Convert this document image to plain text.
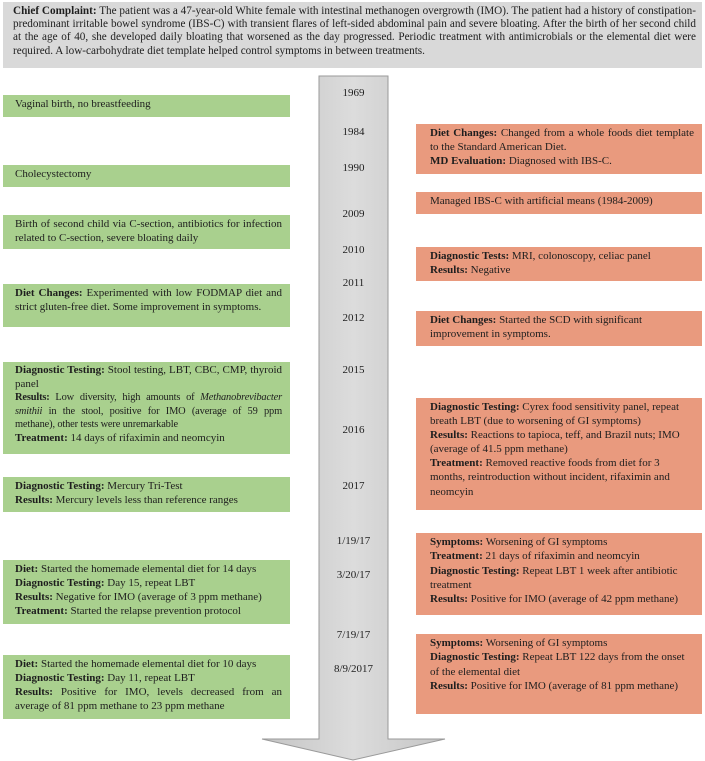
Chief Complaint: The patient was a 47-year-old White female with intestinal methanogen overgrowth (IMO). The patient had a history of constipation-predominant irritable bowel syndrome (IBS-C) with transient flares of left-sided abdominal pain and severe bloating. After the birth of her second child at the age of 40, she developed daily bloating that worsened as the day progressed. Periodic treatment with antimicrobials or the elemental diet were required. A low-carbohydrate diet template helped control symptoms in between treatments.
1969
1984
1990
2009
2010
2011
2012
2015
2016
2017
1/19/17
3/20/17
7/19/17
8/9/2017
Vaginal birth, no breastfeeding
Cholecystectomy
Birth of second child via C-section, antibiotics for infection related to C-section, severe bloating daily
Diet Changes: Experimented with low FODMAP diet and strict gluten-free diet. Some improvement in symptoms.
Diagnostic Testing: Stool testing, LBT, CBC, CMP, thyroid panel
Results: Low diversity, high amounts of Methanobrevibacter smithii in the stool, positive for IMO (average of 59 ppm methane), other tests were unremarkable
Treatment: 14 days of rifaximin and neomcyin
Diagnostic Testing: Mercury Tri-Test
Results: Mercury levels less than reference ranges
Diet: Started the homemade elemental diet for 14 days
Diagnostic Testing: Day 15, repeat LBT
Results: Negative for IMO (average of 3 ppm methane)
Treatment: Started the relapse prevention protocol
Diet: Started the homemade elemental diet for 10 days
Diagnostic Testing: Day 11, repeat LBT
Results: Positive for IMO, levels decreased from an average of 81 ppm methane to 23 ppm methane
Diet Changes: Changed from a whole foods diet template to the Standard American Diet.
MD Evaluation: Diagnosed with IBS-C.
Managed IBS-C with artificial means (1984-2009)
Diagnostic Tests: MRI, colonoscopy, celiac panel
Results: Negative
Diet Changes: Started the SCD with significant improvement in symptoms.
Diagnostic Testing: Cyrex food sensitivity panel, repeat breath LBT (due to worsening of GI symptoms)
Results: Reactions to tapioca, teff, and Brazil nuts; IMO (average of 41.5 ppm methane)
Treatment: Removed reactive foods from diet for 3 months, reintroduction without incident, rifaximin and neomcyin
Symptoms: Worsening of GI symptoms
Treatment: 21 days of rifaximin and neomcyin
Diagnostic Testing: Repeat LBT 1 week after antibiotic treatment
Results: Positive for IMO (average of 42 ppm methane)
Symptoms: Worsening of GI symptoms
Diagnostic Testing: Repeat LBT 122 days from the onset of the elemental diet
Results: Positive for IMO (average of 81 ppm methane)
